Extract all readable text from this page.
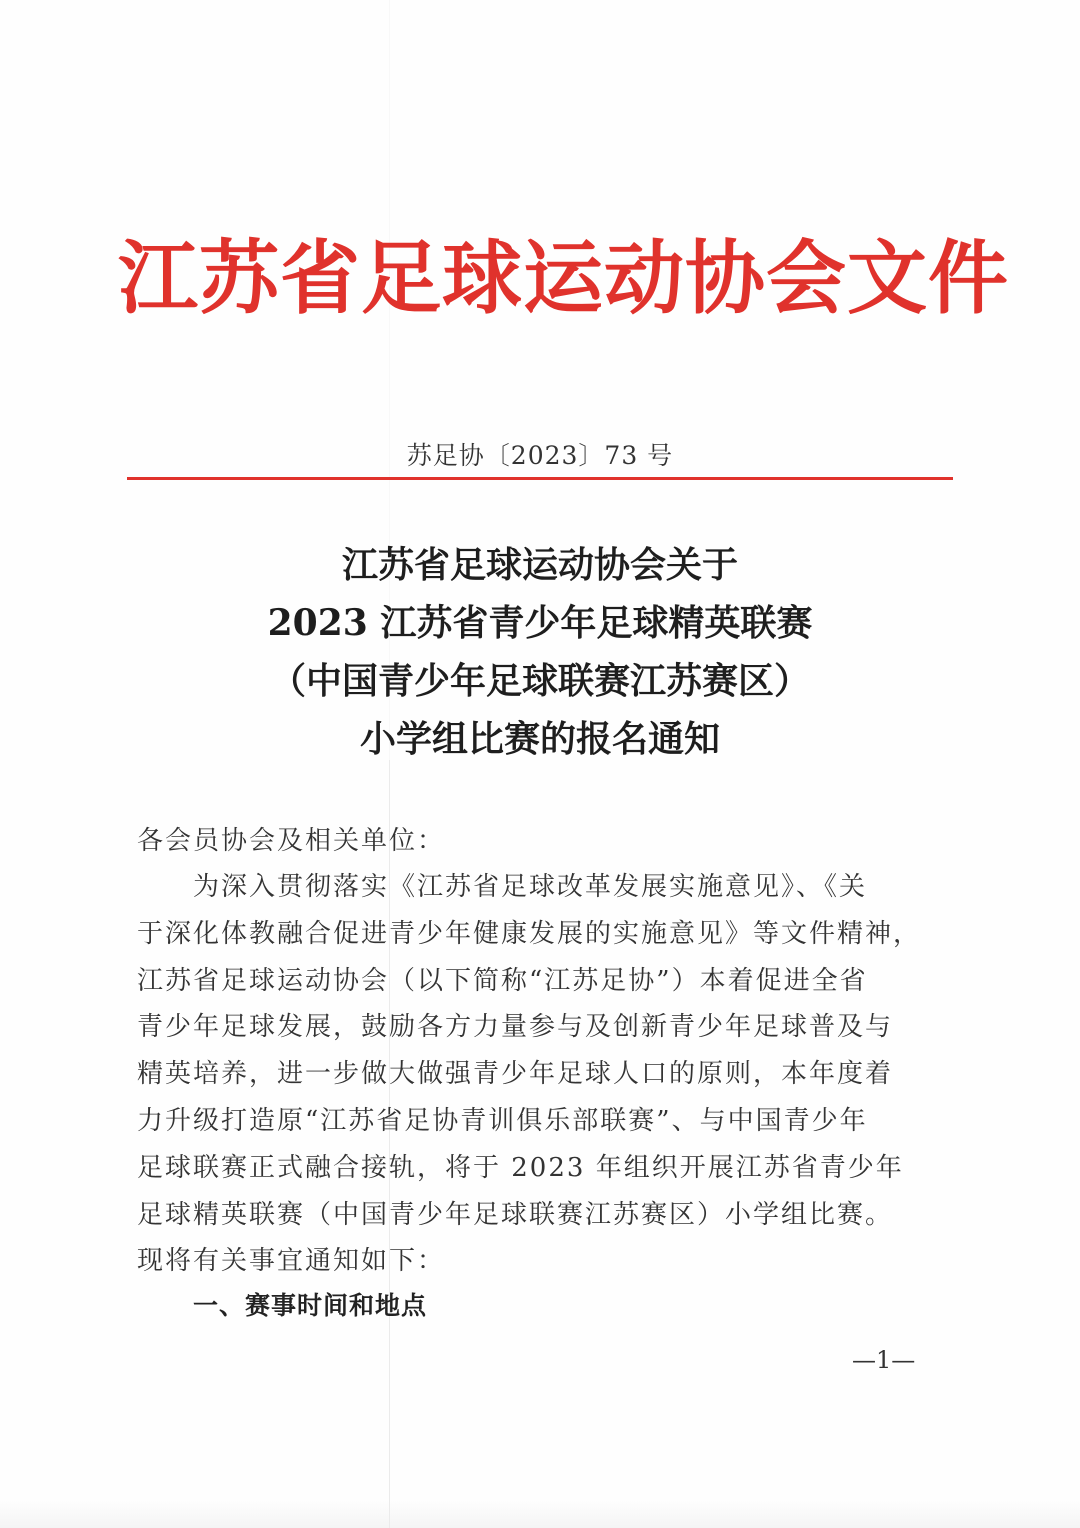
江苏省足球运动协会文件
苏足协〔2023〕73 号
江苏省足球运动协会关于
2023 江苏省青少年足球精英联赛
（中国青少年足球联赛江苏赛区）
小学组比赛的报名通知
各会员协会及相关单位：
为深入贯彻落实《江苏省足球改革发展实施意见》、《关
于深化体教融合促进青少年健康发展的实施意见》等文件精神，
江苏省足球运动协会（以下简称“江苏足协”）本着促进全省
青少年足球发展，鼓励各方力量参与及创新青少年足球普及与
精英培养，进一步做大做强青少年足球人口的原则，本年度着
力升级打造原“江苏省足协青训俱乐部联赛”、与中国青少年
足球联赛正式融合接轨，将于 2023 年组织开展江苏省青少年
足球精英联赛（中国青少年足球联赛江苏赛区）小学组比赛。
现将有关事宜通知如下：
一、赛事时间和地点
—1—
